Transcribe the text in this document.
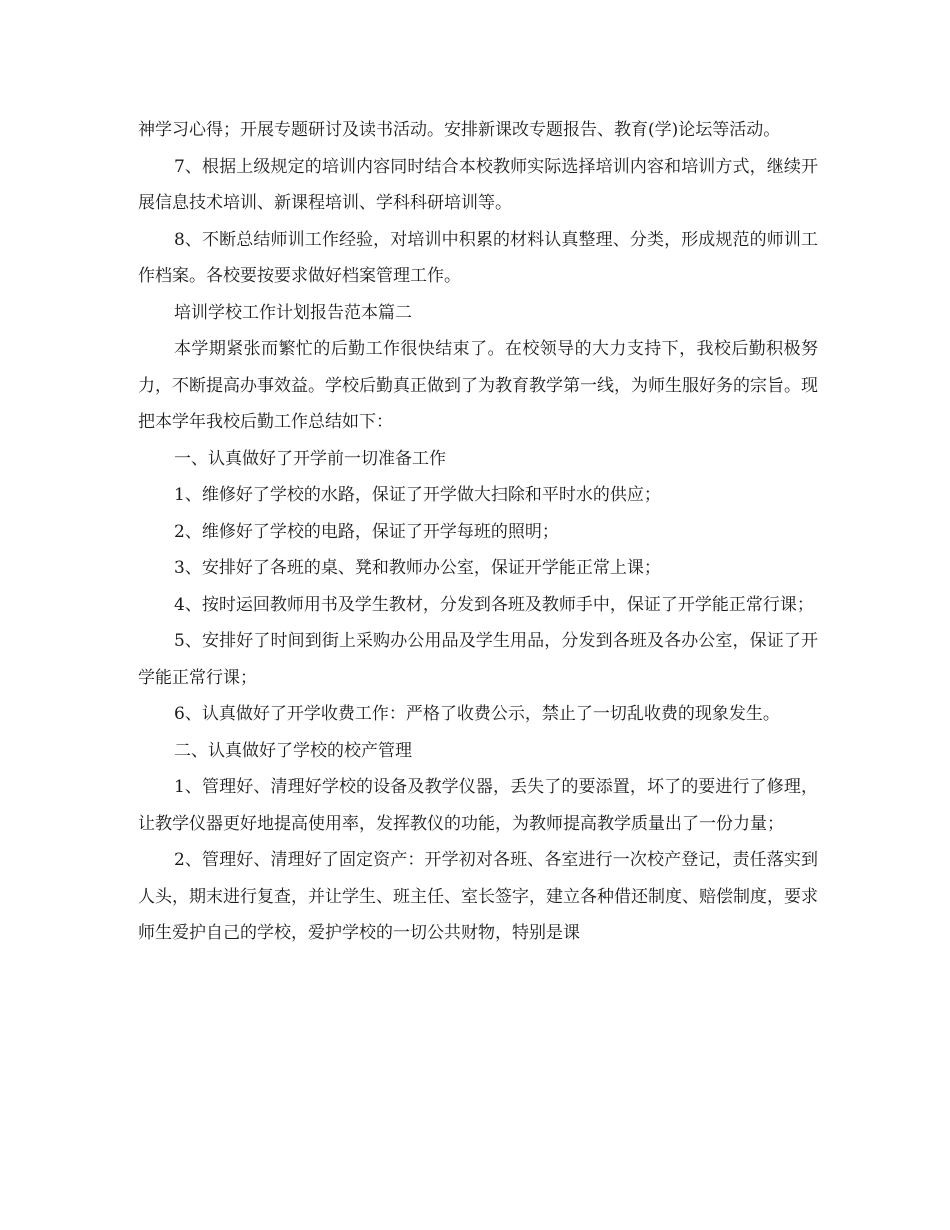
神学习心得；开展专题研讨及读书活动。安排新课改专题报告、教育(学)论坛等活动。

7、根据上级规定的培训内容同时结合本校教师实际选择培训内容和培训方式，继续开展信息技术培训、新课程培训、学科科研培训等。

8、不断总结师训工作经验，对培训中积累的材料认真整理、分类，形成规范的师训工作档案。各校要按要求做好档案管理工作。

培训学校工作计划报告范本篇二

本学期紧张而繁忙的后勤工作很快结束了。在校领导的大力支持下，我校后勤积极努力，不断提高办事效益。学校后勤真正做到了为教育教学第一线，为师生服好务的宗旨。现把本学年我校后勤工作总结如下：

一、认真做好了开学前一切准备工作

1、维修好了学校的水路，保证了开学做大扫除和平时水的供应；

2、维修好了学校的电路，保证了开学每班的照明；

3、安排好了各班的桌、凳和教师办公室，保证开学能正常上课；

4、按时运回教师用书及学生教材，分发到各班及教师手中，保证了开学能正常行课；

5、安排好了时间到街上采购办公用品及学生用品，分发到各班及各办公室，保证了开学能正常行课；

6、认真做好了开学收费工作：严格了收费公示，禁止了一切乱收费的现象发生。

二、认真做好了学校的校产管理

1、管理好、清理好学校的设备及教学仪器，丢失了的要添置，坏了的要进行了修理，让教学仪器更好地提高使用率，发挥教仪的功能，为教师提高教学质量出了一份力量；

2、管理好、清理好了固定资产：开学初对各班、各室进行一次校产登记，责任落实到人头，期末进行复查，并让学生、班主任、室长签字，建立各种借还制度、赔偿制度，要求师生爱护自己的学校，爱护学校的一切公共财物，特别是课
